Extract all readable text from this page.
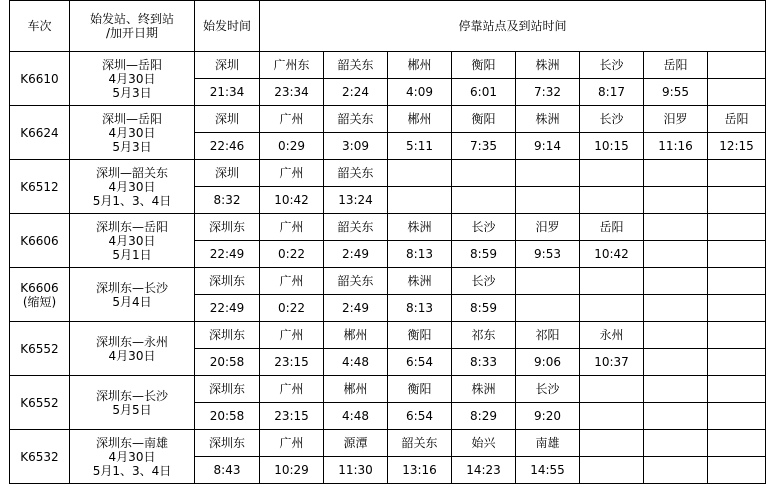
车次	始发站、终到站
/加开日期	始发时间	停靠站点及到站时间							

K6610	深圳—岳阳
4月30日
5月3日	深圳	广州东	韶关东	郴州	衡阳	株洲	长沙	岳阳	
		21:34	23:34	2:24	4:09	6:01	7:32	8:17	9:55	

K6624	深圳—岳阳
4月30日
5月3日	深圳	广州	韶关东	郴州	衡阳	株洲	长沙	汨罗	岳阳
		22:46	0:29	3:09	5:11	7:35	9:14	10:15	11:16	12:15

K6512	深圳—韶关东
4月30日
5月1、3、4日	深圳	广州	韶关东						
		8:32	10:42	13:24						

K6606	深圳东—岳阳
4月30日
5月1日	深圳东	广州	韶关东	株洲	长沙	汨罗	岳阳		
		22:49	0:22	2:49	8:13	8:59	9:53	10:42		

K6606
(缩短)	深圳东—长沙
5月4日	深圳东	广州	韶关东	株洲	长沙				
		22:49	0:22	2:49	8:13	8:59				

K6552	深圳东—永州
4月30日	深圳东	广州	郴州	衡阳	祁东	祁阳	永州		
		20:58	23:15	4:48	6:54	8:33	9:06	10:37		

K6552	深圳东—长沙
5月5日	深圳东	广州	郴州	衡阳	株洲	长沙			
		20:58	23:15	4:48	6:54	8:29	9:20			

K6532	深圳东—南雄
4月30日
5月1、3、4日	深圳东	广州	源潭	韶关东	始兴	南雄			
		8:43	10:29	11:30	13:16	14:23	14:55			
